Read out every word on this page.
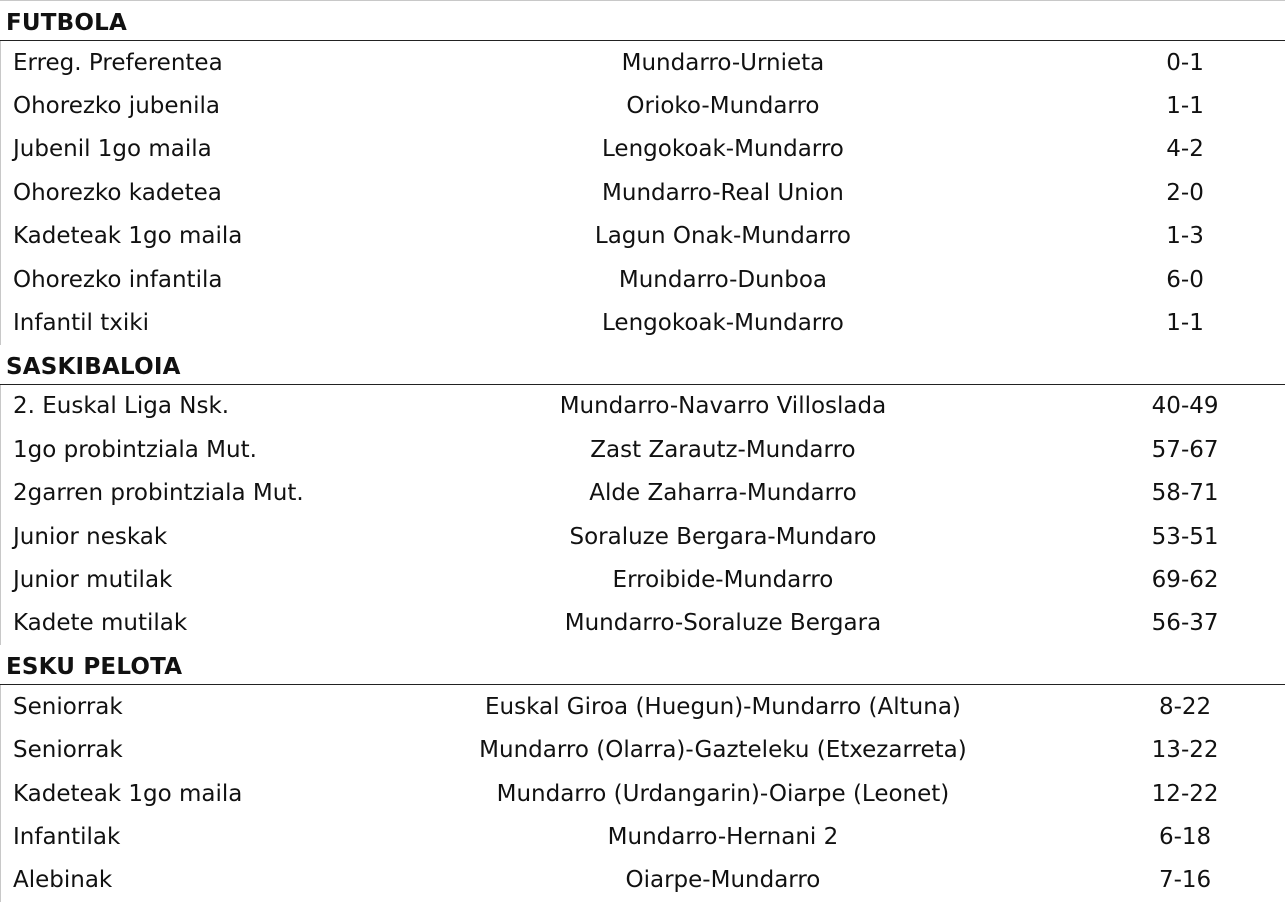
FUTBOLA
Erreg. Preferentea	Mundarro-Urnieta	0-1
Ohorezko jubenila	Orioko-Mundarro	1-1
Jubenil 1go maila	Lengokoak-Mundarro	4-2
Ohorezko kadetea	Mundarro-Real Union	2-0
Kadeteak 1go maila	Lagun Onak-Mundarro	1-3
Ohorezko infantila	Mundarro-Dunboa	6-0
Infantil txiki	Lengokoak-Mundarro	1-1
SASKIBALOIA
2. Euskal Liga Nsk.	Mundarro-Navarro Villoslada	40-49
1go probintziala Mut.	Zast Zarautz-Mundarro	57-67
2garren probintziala Mut.	Alde Zaharra-Mundarro	58-71
Junior neskak	Soraluze Bergara-Mundaro	53-51
Junior mutilak	Erroibide-Mundarro	69-62
Kadete mutilak	Mundarro-Soraluze Bergara	56-37
ESKU PELOTA
Seniorrak	Euskal Giroa (Huegun)-Mundarro (Altuna)	8-22
Seniorrak	Mundarro (Olarra)-Gazteleku (Etxezarreta)	13-22
Kadeteak 1go maila	Mundarro (Urdangarin)-Oiarpe (Leonet)	12-22
Infantilak	Mundarro-Hernani 2	6-18
Alebinak	Oiarpe-Mundarro	7-16
